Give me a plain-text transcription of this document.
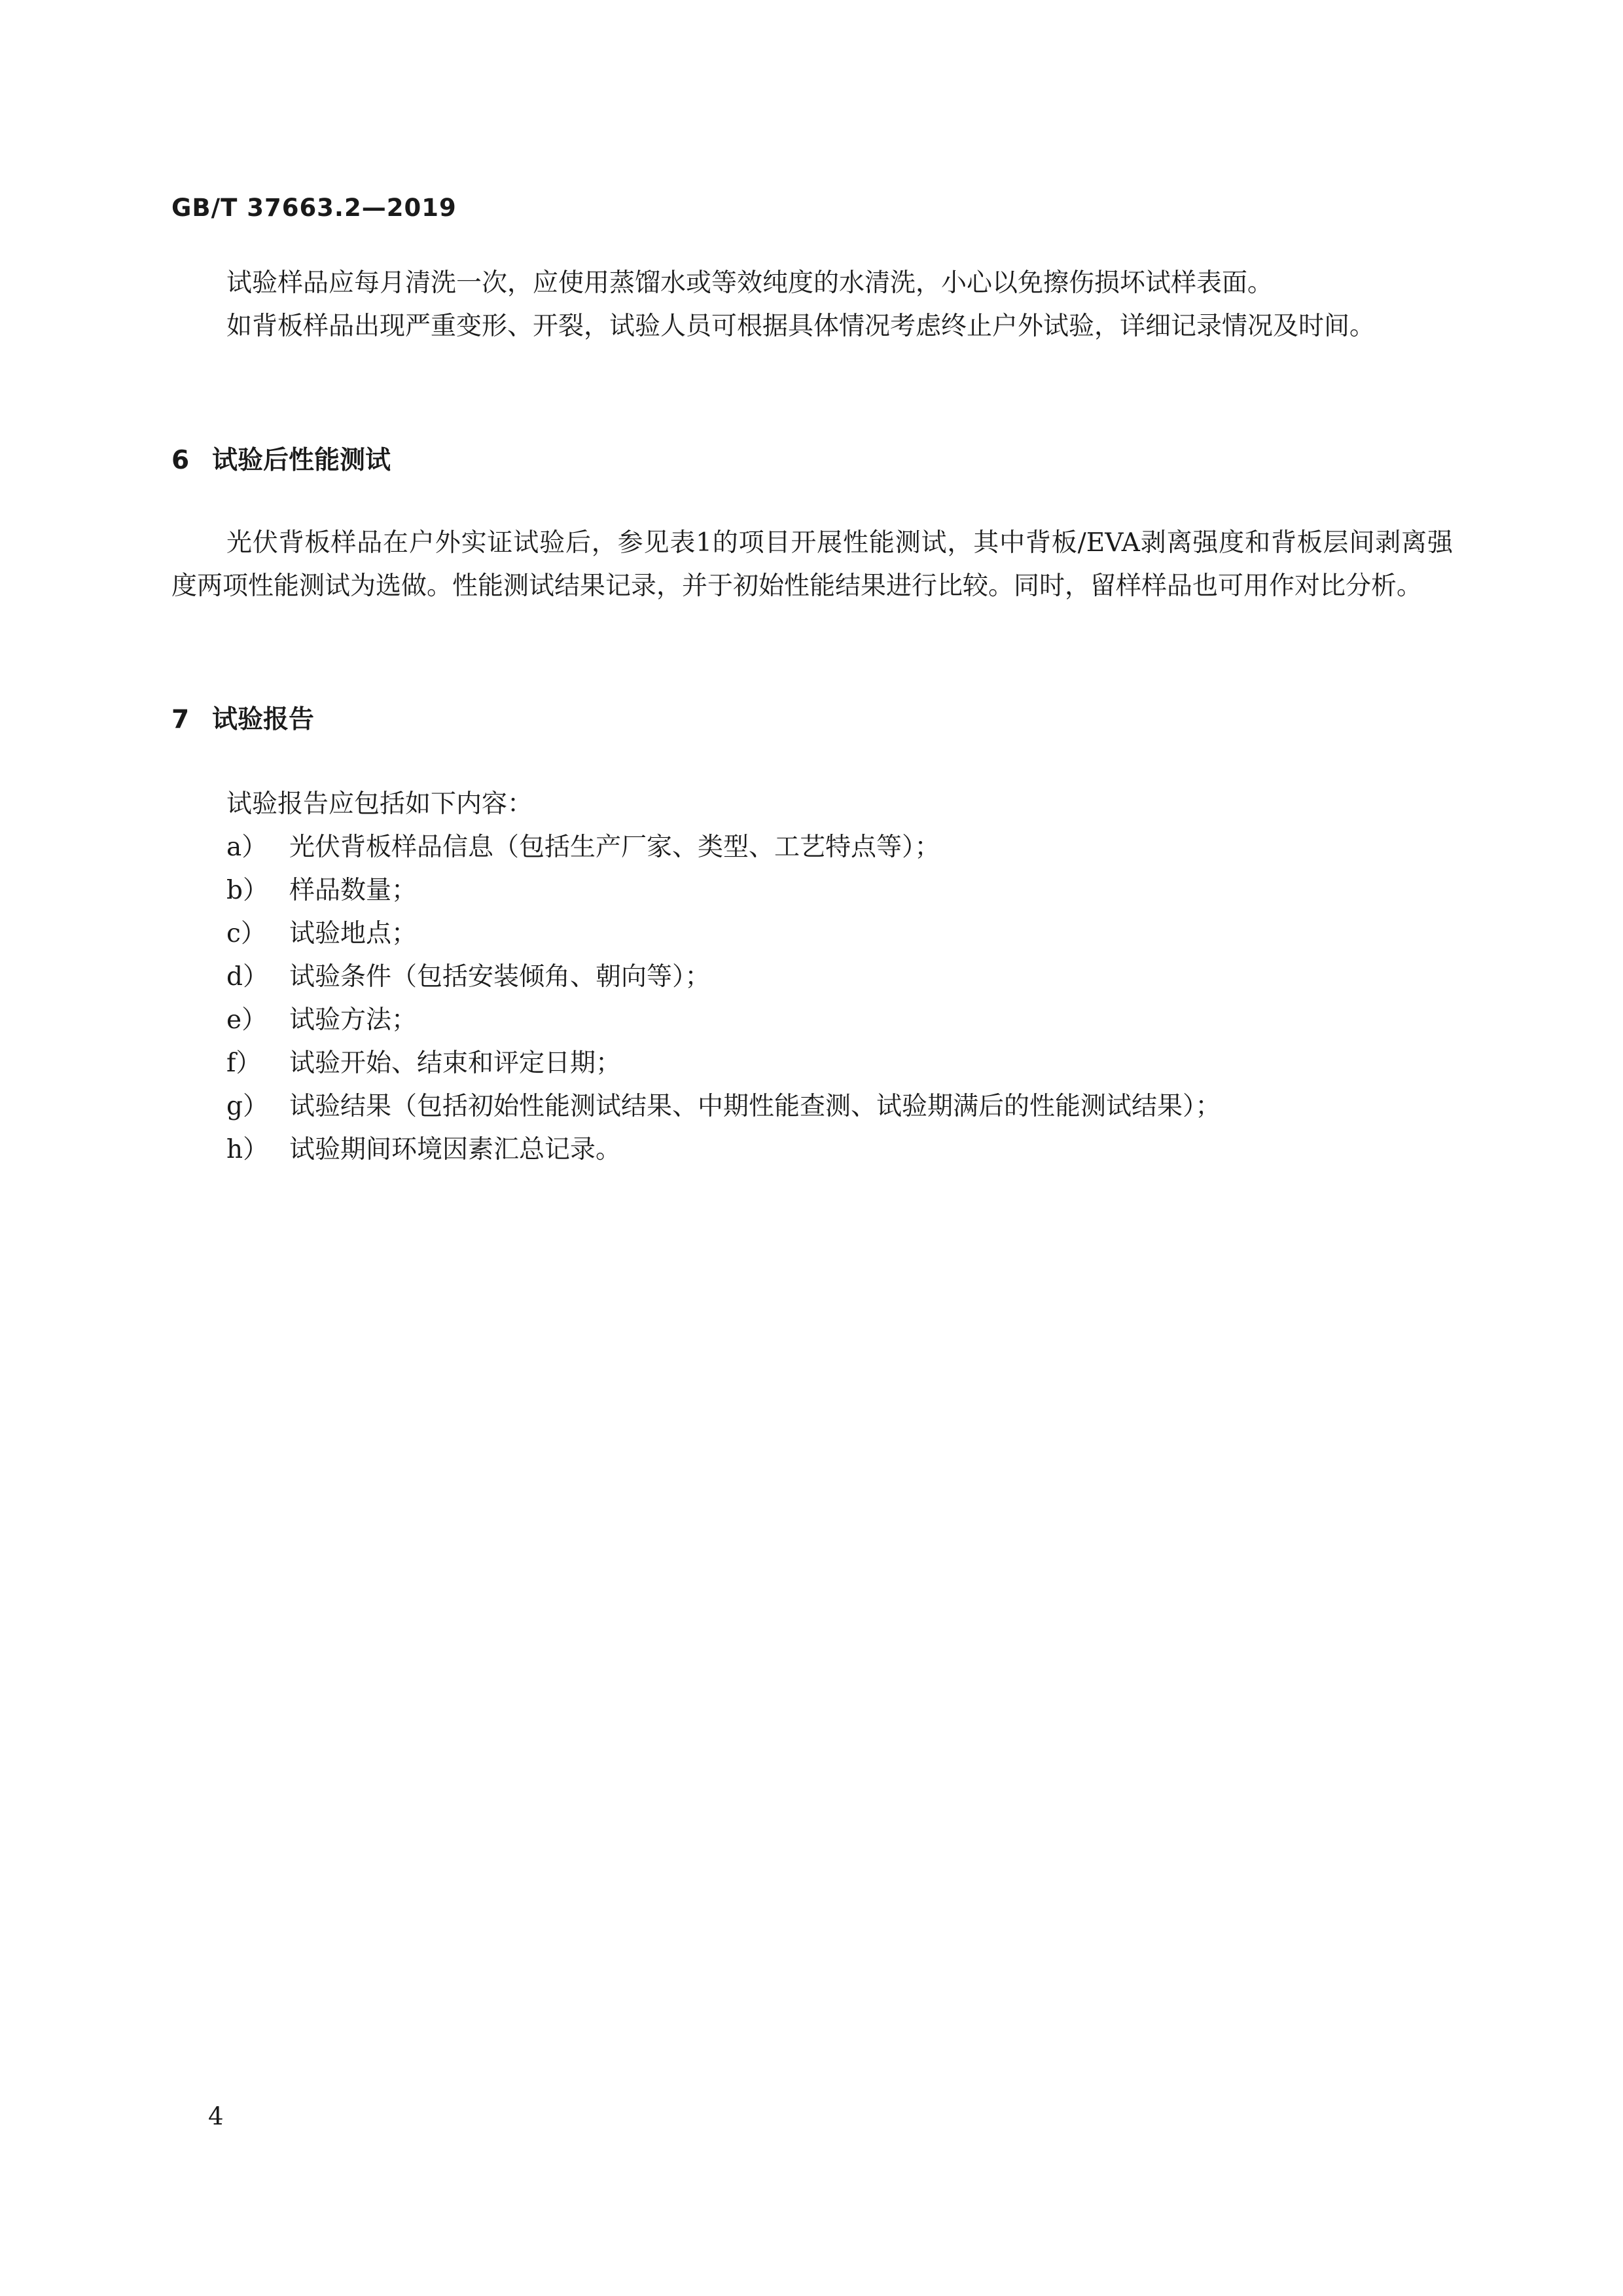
GB/T 37663.2—2019

试验样品应每月清洗一次，应使用蒸馏水或等效纯度的水清洗，小心以免擦伤损坏试样表面。

如背板样品出现严重变形、开裂，试验人员可根据具体情况考虑终止户外试验，详细记录情况及时间。

6 试验后性能测试

光伏背板样品在户外实证试验后，参见表1的项目开展性能测试，其中背板/EVA剥离强度和背板层间剥离强度两项性能测试为选做。性能测试结果记录，并于初始性能结果进行比较。同时，留样样品也可用作对比分析。

7 试验报告
试验报告应包括如下内容：
a） 光伏背板样品信息（包括生产厂家、类型、工艺特点等）；
b） 样品数量；
c） 试验地点；
d） 试验条件（包括安装倾角、朝向等）；
e） 试验方法；
f） 试验开始、结束和评定日期；
g） 试验结果（包括初始性能测试结果、中期性能查测、试验期满后的性能测试结果）；
h） 试验期间环境因素汇总记录。
4
